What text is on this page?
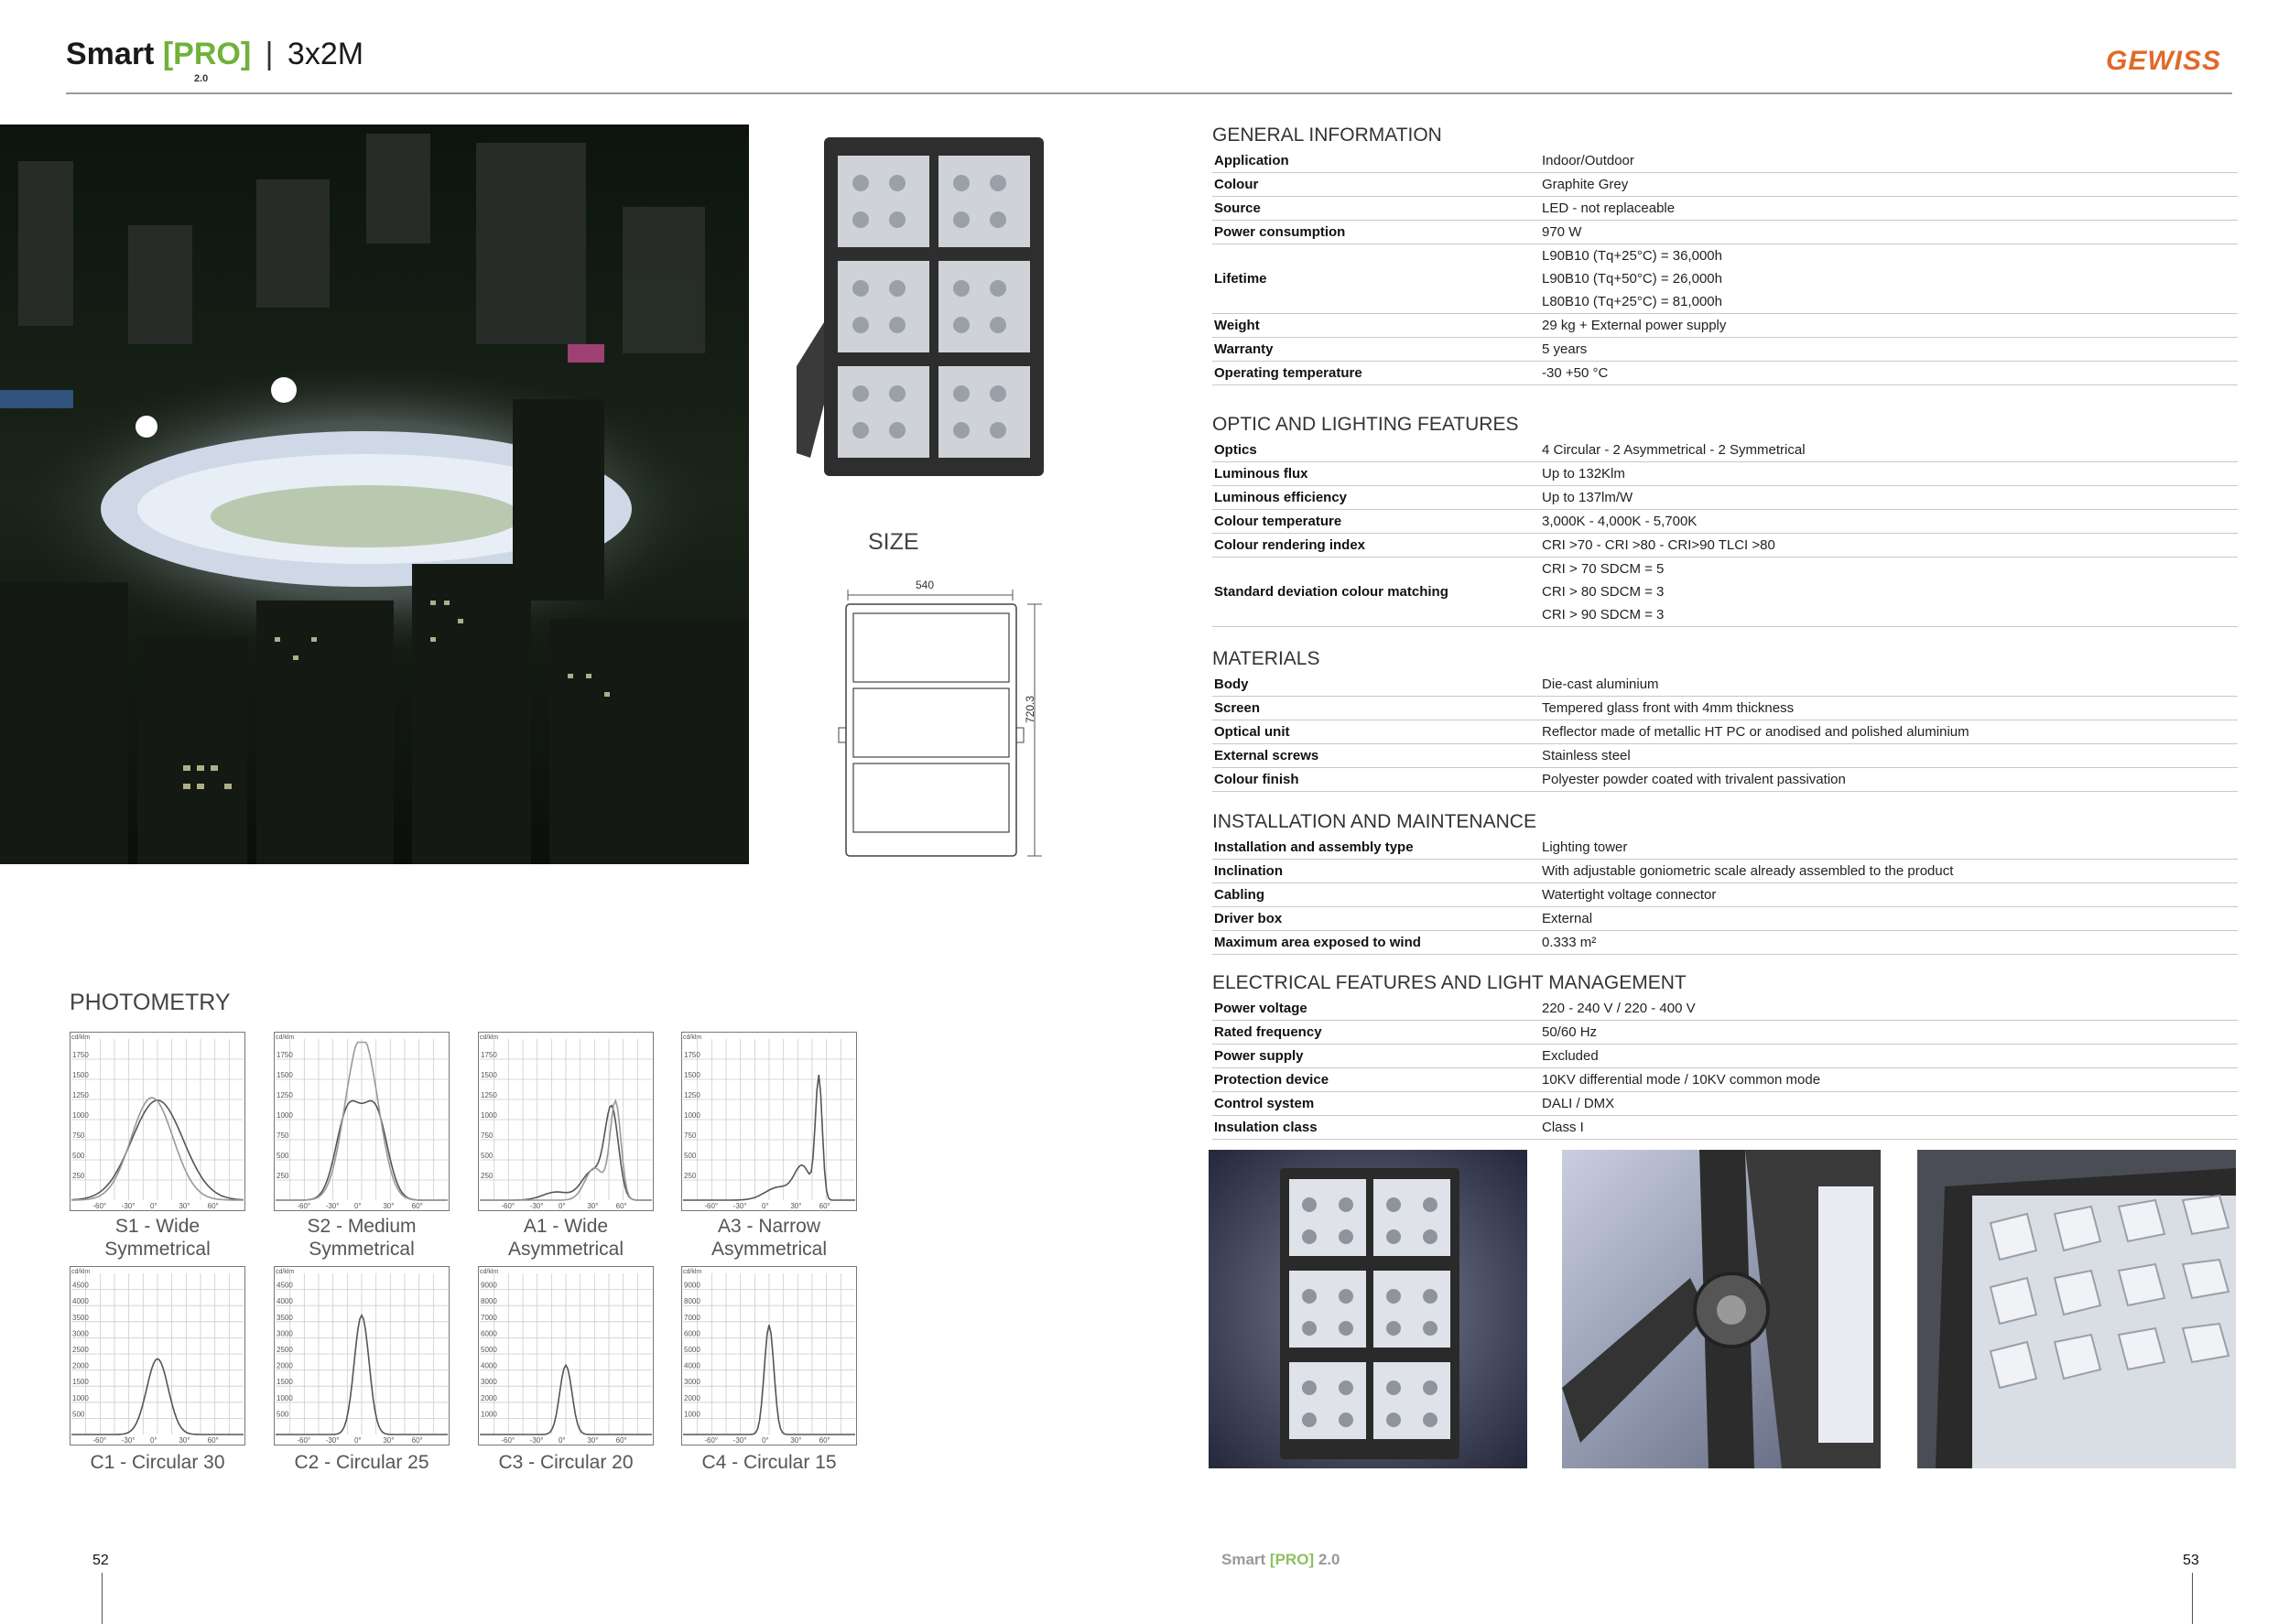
Smart [PRO]
2.0
| 3x2M	GEWISS
SIZE
540
720.3
PHOTOMETRY
1750
1500
1250
1000
750
500
250
cd/klm
-60° -30° 0°	30° 60°
S1 - Wide
Symmetrical
1750
1500
1250
1000
750
500
250
cd/klm
-60° -30° 0°	30° 60°
S2 - Medium
Symmetrical
1750
1500
1250
1000
750
500
250
cd/klm
-60° -30° 0°	30° 60°
A1 - Wide
Asymmetrical
1750
1500
1250
1000
750
500
250
cd/klm
-60° -30° 0°	30° 60°
A3 - Narrow
Asymmetrical
4500
4000
3500
3000
2500
2000
1500
1000
500
cd/klm
-60° -30° 0°	30° 60°
C1 - Circular 30
4500
4000
3500
3000
2500
2000
1500
1000
500
cd/klm
-60° -30° 0°	30° 60°
C2 - Circular 25
9000
8000
7000
6000
5000
4000
3000
2000
1000
cd/klm
-60° -30° 0°	30° 60°
C3 - Circular 20
9000
8000
7000
6000
5000
4000
3000
2000
1000
cd/klm
-60° -30° 0°	30° 60°
C4 - Circular 15
GENERAL INFORMATION
Application	Indoor/Outdoor
Colour	Graphite Grey
Source	LED - not replaceable
Power consumption	970 W
Lifetime
L90B10 (Tq+25°C) = 36,000h
L90B10 (Tq+50°C) = 26,000h
L80B10 (Tq+25°C) = 81,000h
Weight	29 kg + External power supply
Warranty	5 years
Operating temperature	-30 +50 °C
OPTIC AND LIGHTING FEATURES
Optics	4 Circular - 2 Asymmetrical - 2 Symmetrical
Luminous flux	Up to 132Klm
Luminous efficiency	Up to 137lm/W
Colour temperature	3,000K - 4,000K - 5,700K
Colour rendering index	CRI >70 - CRI >80 - CRI>90 TLCI >80
Standard deviation colour matching
CRI > 70 SDCM = 5
CRI > 80 SDCM = 3
CRI > 90 SDCM = 3
MATERIALS
Body	Die-cast aluminium
Screen	Tempered glass front with 4mm thickness
Optical unit	Reflector made of metallic HT PC or anodised and polished aluminium
External screws	Stainless steel
Colour finish	Polyester powder coated with trivalent passivation
INSTALLATION AND MAINTENANCE
Installation and assembly type	Lighting tower
Inclination	With adjustable goniometric scale already assembled to the product
Cabling	Watertight voltage connector
Driver box	External
Maximum area exposed to wind	0.333 m²
ELECTRICAL FEATURES AND LIGHT MANAGEMENT
Power voltage	220 - 240 V / 220 - 400 V
Rated frequency	50/60 Hz
Power supply	Excluded
Protection device	10KV differential mode / 10KV common mode
Control system	DALI / DMX
Insulation class	Class I
52	Smart [PRO] 2.0	53
